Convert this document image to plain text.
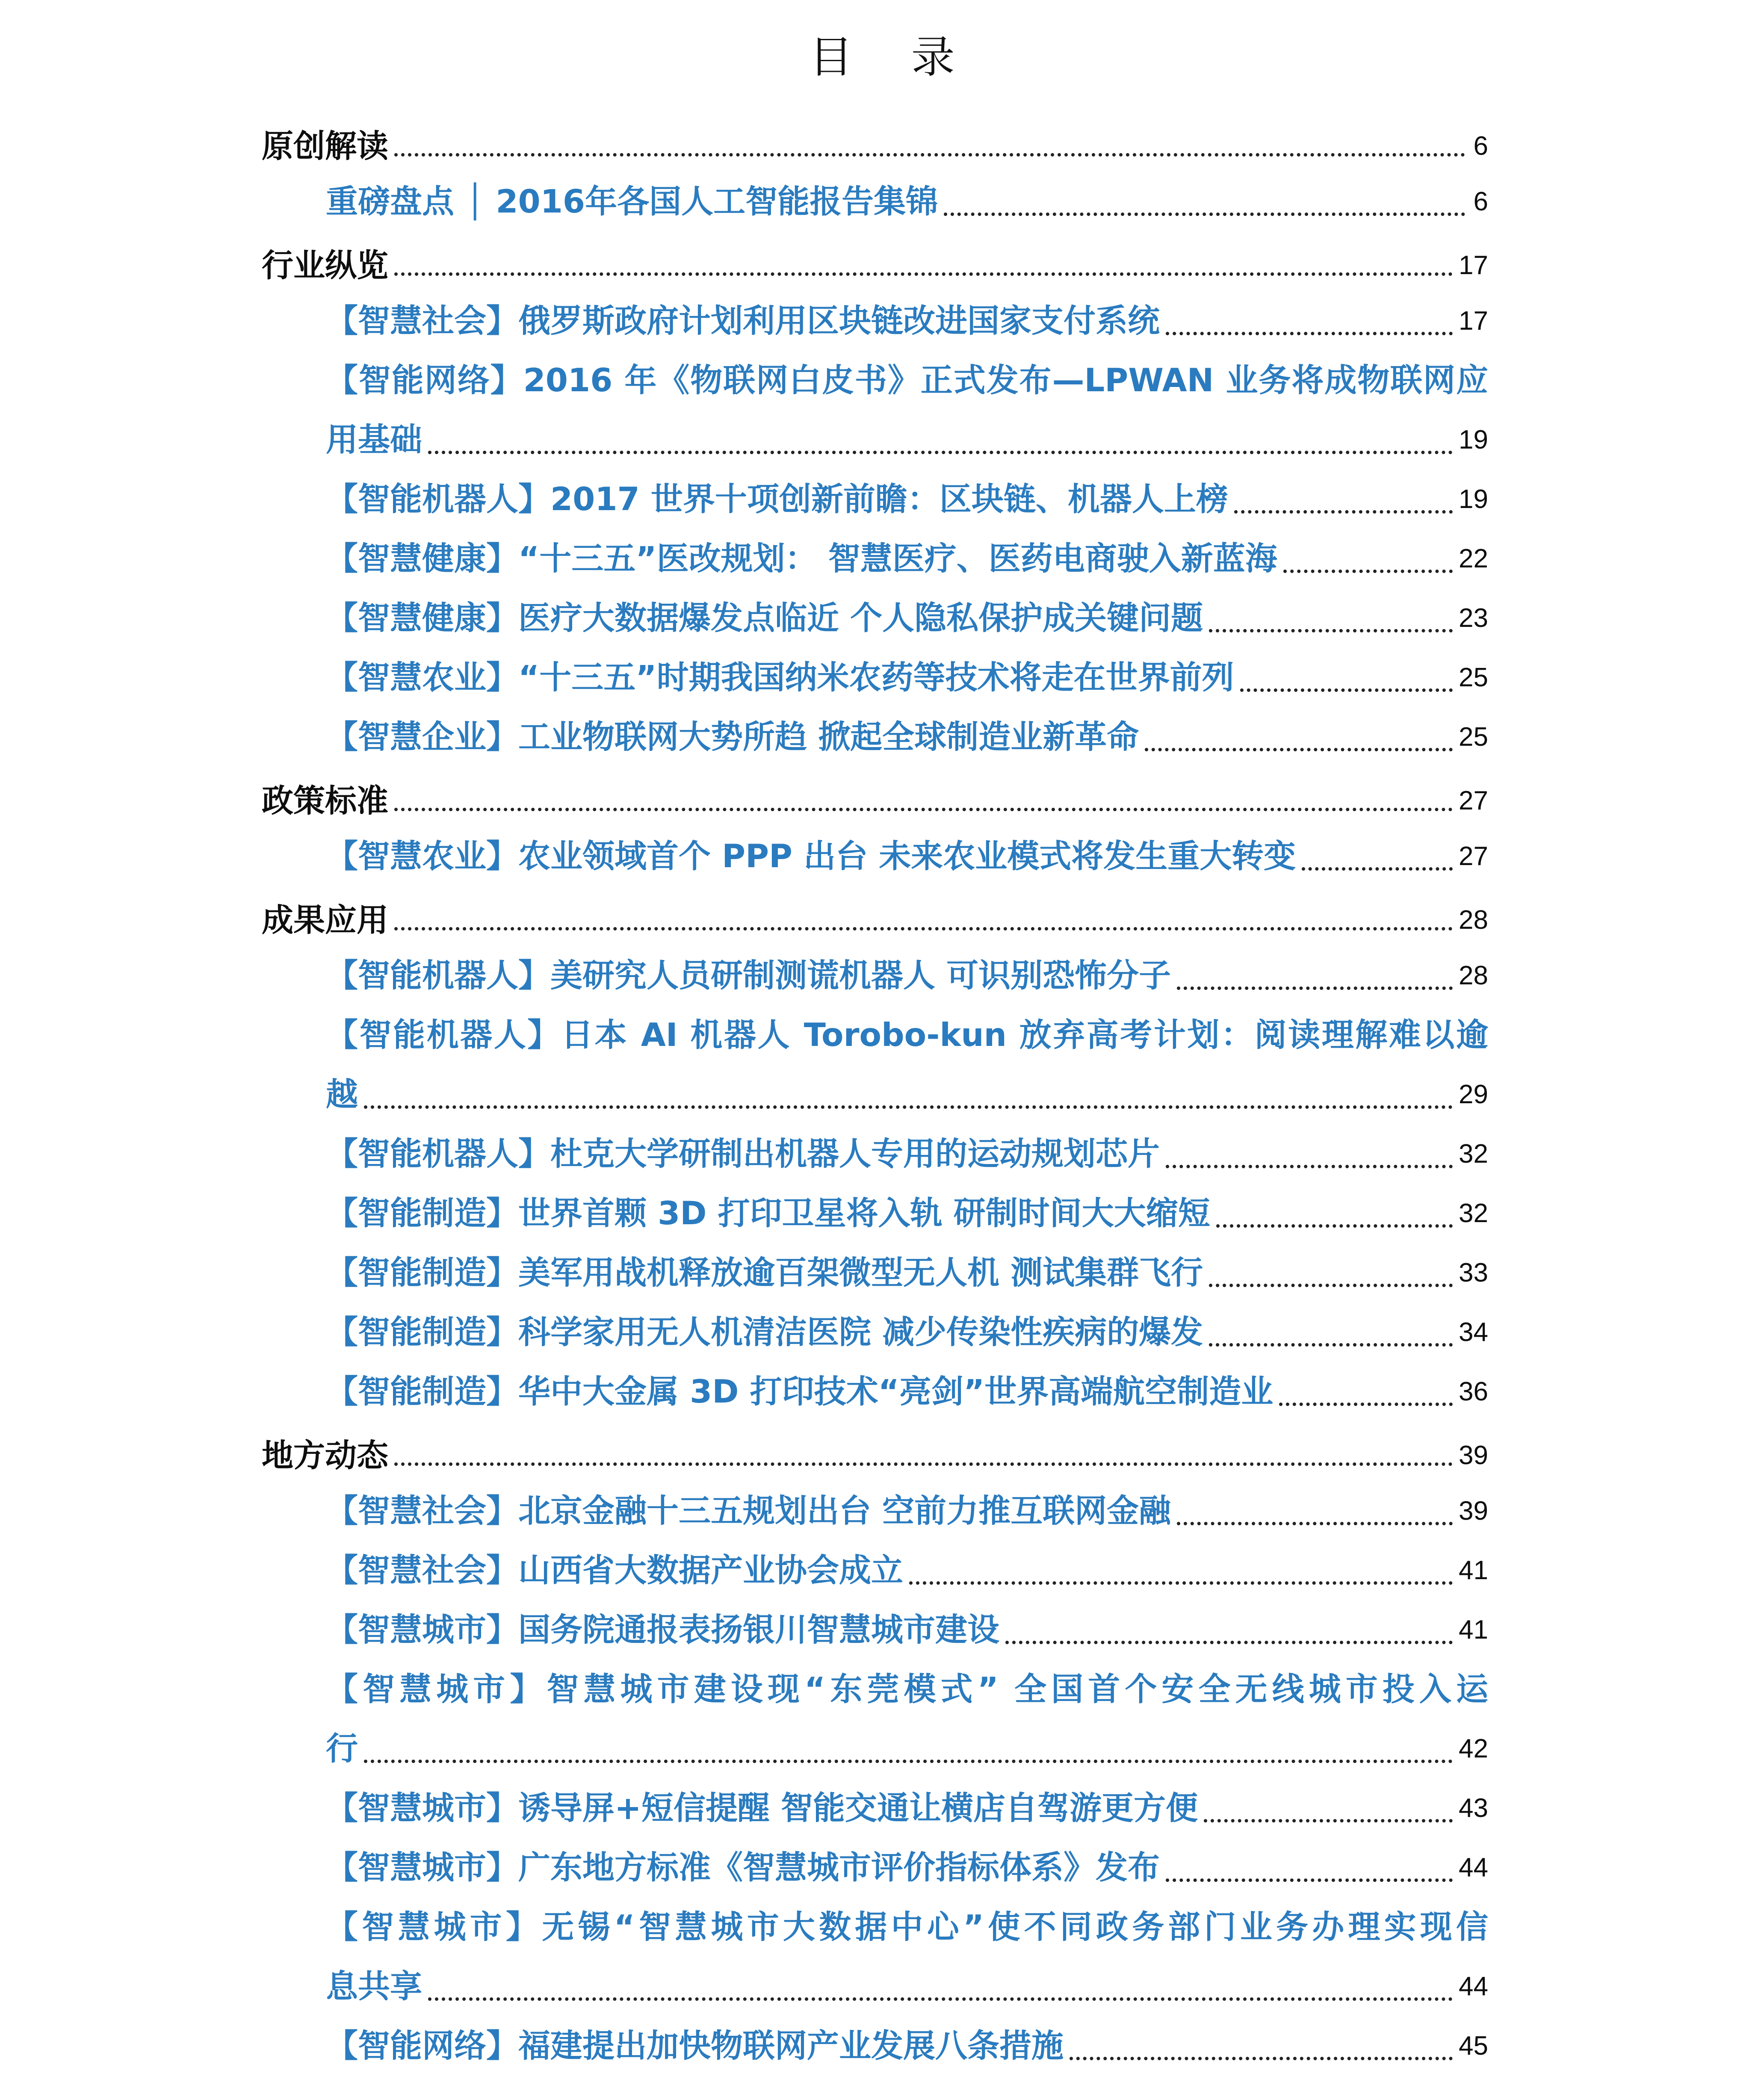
目 录
原创解读	6
重磅盘点 │ 2016年各国人工智能报告集锦	6
行业纵览	17
【智慧社会】俄罗斯政府计划利用区块链改进国家支付系统	17
【智能网络】2016 年《物联网白皮书》正式发布—LPWAN 业务将成物联网应
用基础	19
【智能机器人】2017 世界十项创新前瞻：区块链、机器人上榜	19
【智慧健康】“十三五”医改规划： 智慧医疗、医药电商驶入新蓝海	22
【智慧健康】医疗大数据爆发点临近 个人隐私保护成关键问题	23
【智慧农业】“十三五”时期我国纳米农药等技术将走在世界前列	25
【智慧企业】工业物联网大势所趋 掀起全球制造业新革命	25
政策标准	27
【智慧农业】农业领域首个 PPP 出台 未来农业模式将发生重大转变	27
成果应用	28
【智能机器人】美研究人员研制测谎机器人 可识别恐怖分子	28
【智能机器人】日本 AI 机器人 Torobo-kun 放弃高考计划：阅读理解难以逾
越	29
【智能机器人】杜克大学研制出机器人专用的运动规划芯片	32
【智能制造】世界首颗 3D 打印卫星将入轨 研制时间大大缩短	32
【智能制造】美军用战机释放逾百架微型无人机 测试集群飞行	33
【智能制造】科学家用无人机清洁医院 减少传染性疾病的爆发	34
【智能制造】华中大金属 3D 打印技术“亮剑”世界高端航空制造业	36
地方动态	39
【智慧社会】北京金融十三五规划出台 空前力推互联网金融	39
【智慧社会】山西省大数据产业协会成立	41
【智慧城市】国务院通报表扬银川智慧城市建设	41
【智慧城市】智慧城市建设现“东莞模式” 全国首个安全无线城市投入运
行	42
【智慧城市】诱导屏+短信提醒 智能交通让横店自驾游更方便	43
【智慧城市】广东地方标准《智慧城市评价指标体系》发布	44
【智慧城市】无锡“智慧城市大数据中心”使不同政务部门业务办理实现信
息共享	44
【智能网络】福建提出加快物联网产业发展八条措施	45
